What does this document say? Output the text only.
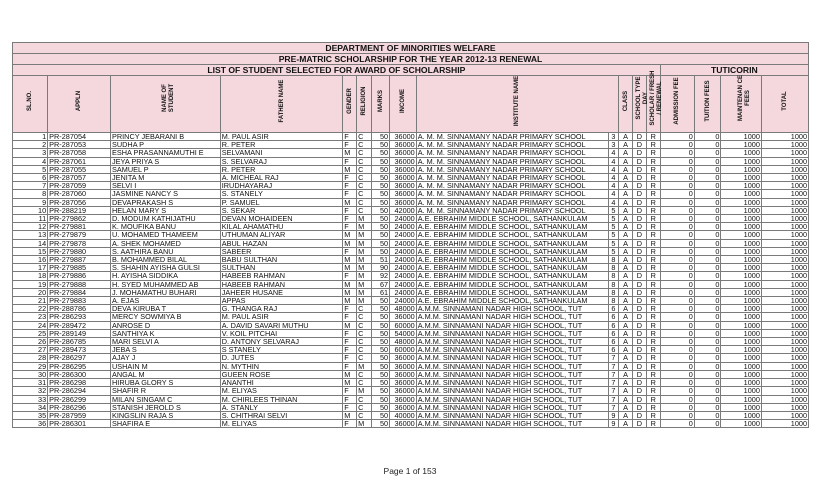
DEPARTMENT OF MINORITIES WELFARE																
PRE-MATRIC SCHOLARSHIP FOR THE YEAR 2012-13 RENEWAL																
LIST OF STUDENT SELECTED FOR AWARD OF SCHOLARSHIP													TUTICORIN			

SL.NO.	APPLN	NAME OF STUDENT	FATHER NAME	GENDER	RELIGION	MARKS	INCOME	INSTITUTE NAME		CLASS	SCHOOL TYPE DAY	SCHOLAR / FRESH / RENEWAL	ADMISSION FEE	TUITION FEES	MAINTENAN CE FEES	TOTAL

1	PR-287054	PRINCY JEBARANI B	M. PAUL ASIR	F	C	50	36000	A. M. M. SINNAMANY NADAR PRIMARY SCHOOL	3	A	D	R	0	0	1000	1000
2	PR-287053	SUDHA P	R. PETER	F	C	50	36000	A. M. M. SINNAMANY NADAR PRIMARY SCHOOL	3	A	D	R	0	0	1000	1000
3	PR-287058	ESHA PRASANNAMUTHI E	SELVAMANI	M	C	50	36000	A. M. M. SINNAMANY NADAR PRIMARY SCHOOL	4	A	D	R	0	0	1000	1000
4	PR-287061	JEYA PRIYA S	S. SELVARAJ	F	C	50	36000	A. M. M. SINNAMANY NADAR PRIMARY SCHOOL	4	A	D	R	0	0	1000	1000
5	PR-287055	SAMUEL P	R. PETER	M	C	50	36000	A. M. M. SINNAMANY NADAR PRIMARY SCHOOL	4	A	D	R	0	0	1000	1000
6	PR-287057	JENITA M	A. MICHEAL RAJ	F	C	50	36000	A. M. M. SINNAMANY NADAR PRIMARY SCHOOL	4	A	D	R	0	0	1000	1000
7	PR-287059	SELVI I	IRUDHAYARAJ	F	C	50	36000	A. M. M. SINNAMANY NADAR PRIMARY SCHOOL	4	A	D	R	0	0	1000	1000
8	PR-287060	JASMINE NANCY S	S. STANELY	F	C	50	36000	A. M. M. SINNAMANY NADAR PRIMARY SCHOOL	4	A	D	R	0	0	1000	1000
9	PR-287056	DEVAPRAKASH S	P. SAMUEL	M	C	50	36000	A. M. M. SINNAMANY NADAR PRIMARY SCHOOL	4	A	D	R	0	0	1000	1000
10	PR-288219	HELAN MARY S	S. SEKAR	F	C	50	42000	A. M. M. SINNAMANY NADAR PRIMARY SCHOOL	5	A	D	R	0	0	1000	1000
11	PR-279862	D. MODUM KATHIJATHU	DEVAN MOHAIDEEN	F	M	50	24000	A.E. EBRAHIM MIDDLE SCHOOL, SATHANKULAM	5	A	D	R	0	0	1000	1000
12	PR-279881	K. MOUFIKA BANU	KILAL AHAMATHU	F	M	50	24000	A.E. EBRAHIM MIDDLE SCHOOL, SATHANKULAM	5	A	D	R	0	0	1000	1000
13	PR-279879	U. MOHAMED THAMEEM	UTHUMAN ALIYAR	M	M	50	24000	A.E. EBRAHIM MIDDLE SCHOOL, SATHANKULAM	5	A	D	R	0	0	1000	1000
14	PR-279878	A. SHEK MOHAMED	ABUL HAZAN	M	M	50	24000	A.E. EBRAHIM MIDDLE SCHOOL, SATHANKULAM	5	A	D	R	0	0	1000	1000
15	PR-279880	S. AATHIRA BANU	SABEER	F	M	50	24000	A.E. EBRAHIM MIDDLE SCHOOL, SATHANKULAM	5	A	D	R	0	0	1000	1000
16	PR-279887	B. MOHAMMED BILAL	BABU SULTHAN	M	M	51	24000	A.E. EBRAHIM MIDDLE SCHOOL, SATHANKULAM	8	A	D	R	0	0	1000	1000
17	PR-279885	S. SHAHIN AYISHA GULSI	SULTHAN	M	M	90	24000	A.E. EBRAHIM MIDDLE SCHOOL, SATHANKULAM	8	A	D	R	0	0	1000	1000
18	PR-279886	H. AYISHA SIDDIKA	HABEEB RAHMAN	F	M	92	24000	A.E. EBRAHIM MIDDLE SCHOOL, SATHANKULAM	8	A	D	R	0	0	1000	1000
19	PR-279888	H. SYED MUHAMMED AB	HABEEB RAHMAN	M	M	67	24000	A.E. EBRAHIM MIDDLE SCHOOL, SATHANKULAM	8	A	D	R	0	0	1000	1000
20	PR-279884	J. MOHAMATHU BUHARI	JAHEER HUSANE	M	M	61	24000	A.E. EBRAHIM MIDDLE SCHOOL, SATHANKULAM	8	A	D	R	0	0	1000	1000
21	PR-279883	A. EJAS	APPAS	M	M	50	24000	A.E. EBRAHIM MIDDLE SCHOOL, SATHANKULAM	8	A	D	R	0	0	1000	1000
22	PR-288786	DEVA KIRUBA T	G. THANGA RAJ	F	C	50	48000	A.M.M. SINNAMANI NADAR HIGH SCHOOL, TUT	6	A	D	R	0	0	1000	1000
23	PR-286293	MERCY SOWMIYA B	M. PAUL ASIR	F	C	50	36000	A.M.M. SINNAMANI NADAR HIGH SCHOOL, TUT	6	A	D	R	0	0	1000	1000
24	PR-289472	ANROSE D	A. DAVID SAVARI MUTHU	M	C	50	60000	A.M.M. SINNAMANI NADAR HIGH SCHOOL, TUT	6	A	D	R	0	0	1000	1000
25	PR-289149	SANTHIYA K	V. KOIL PITCHAI	F	C	50	54000	A.M.M. SINNAMANI NADAR HIGH SCHOOL, TUT	6	A	D	R	0	0	1000	1000
26	PR-286785	MARI SELVI A	D. ANTONY SELVARAJ	F	C	50	48000	A.M.M. SINNAMANI NADAR HIGH SCHOOL, TUT	6	A	D	R	0	0	1000	1000
27	PR-289473	JEBA S	S STANELY	F	C	50	60000	A.M.M. SINNAMANI NADAR HIGH SCHOOL, TUT	6	A	D	R	0	0	1000	1000
28	PR-286297	AJAY J	D. JUTES	F	C	50	36000	A.M.M. SINNAMANI NADAR HIGH SCHOOL, TUT	7	A	D	R	0	0	1000	1000
29	PR-286295	USHAIN M	N. MYTHIN	F	M	50	36000	A.M.M. SINNAMANI NADAR HIGH SCHOOL, TUT	7	A	D	R	0	0	1000	1000
30	PR-286300	ANGAL M	GUEEN ROSE	M	C	50	36000	A.M.M. SINNAMANI NADAR HIGH SCHOOL, TUT	7	A	D	R	0	0	1000	1000
31	PR-286298	HIRUBA GLORY S	ANANTHI	M	C	50	36000	A.M.M. SINNAMANI NADAR HIGH SCHOOL, TUT	7	A	D	R	0	0	1000	1000
32	PR-286294	SHAFIR R	M. ELIYAS	F	M	50	36000	A.M.M. SINNAMANI NADAR HIGH SCHOOL, TUT	7	A	D	R	0	0	1000	1000
33	PR-286299	MILAN SINGAM C	M. CHIRLEES THINAN	F	C	50	36000	A.M.M. SINNAMANI NADAR HIGH SCHOOL, TUT	7	A	D	R	0	0	1000	1000
34	PR-286296	STANISH JEROLD S	A. STANLY	F	C	50	36000	A.M.M. SINNAMANI NADAR HIGH SCHOOL, TUT	7	A	D	R	0	0	1000	1000
35	PR-287959	KINGSLIN RAJA S	S. CHITHRAI SELVI	M	C	50	40000	A.M.M. SINNAMANI NADAR HIGH SCHOOL, TUT	9	A	D	R	0	0	1000	1000
36	PR-286301	SHAFIRA E	M. ELIYAS	F	M	50	36000	A.M.M. SINNAMANI NADAR HIGH SCHOOL, TUT	9	A	D	R	0	0	1000	1000
Page 1 of 153
